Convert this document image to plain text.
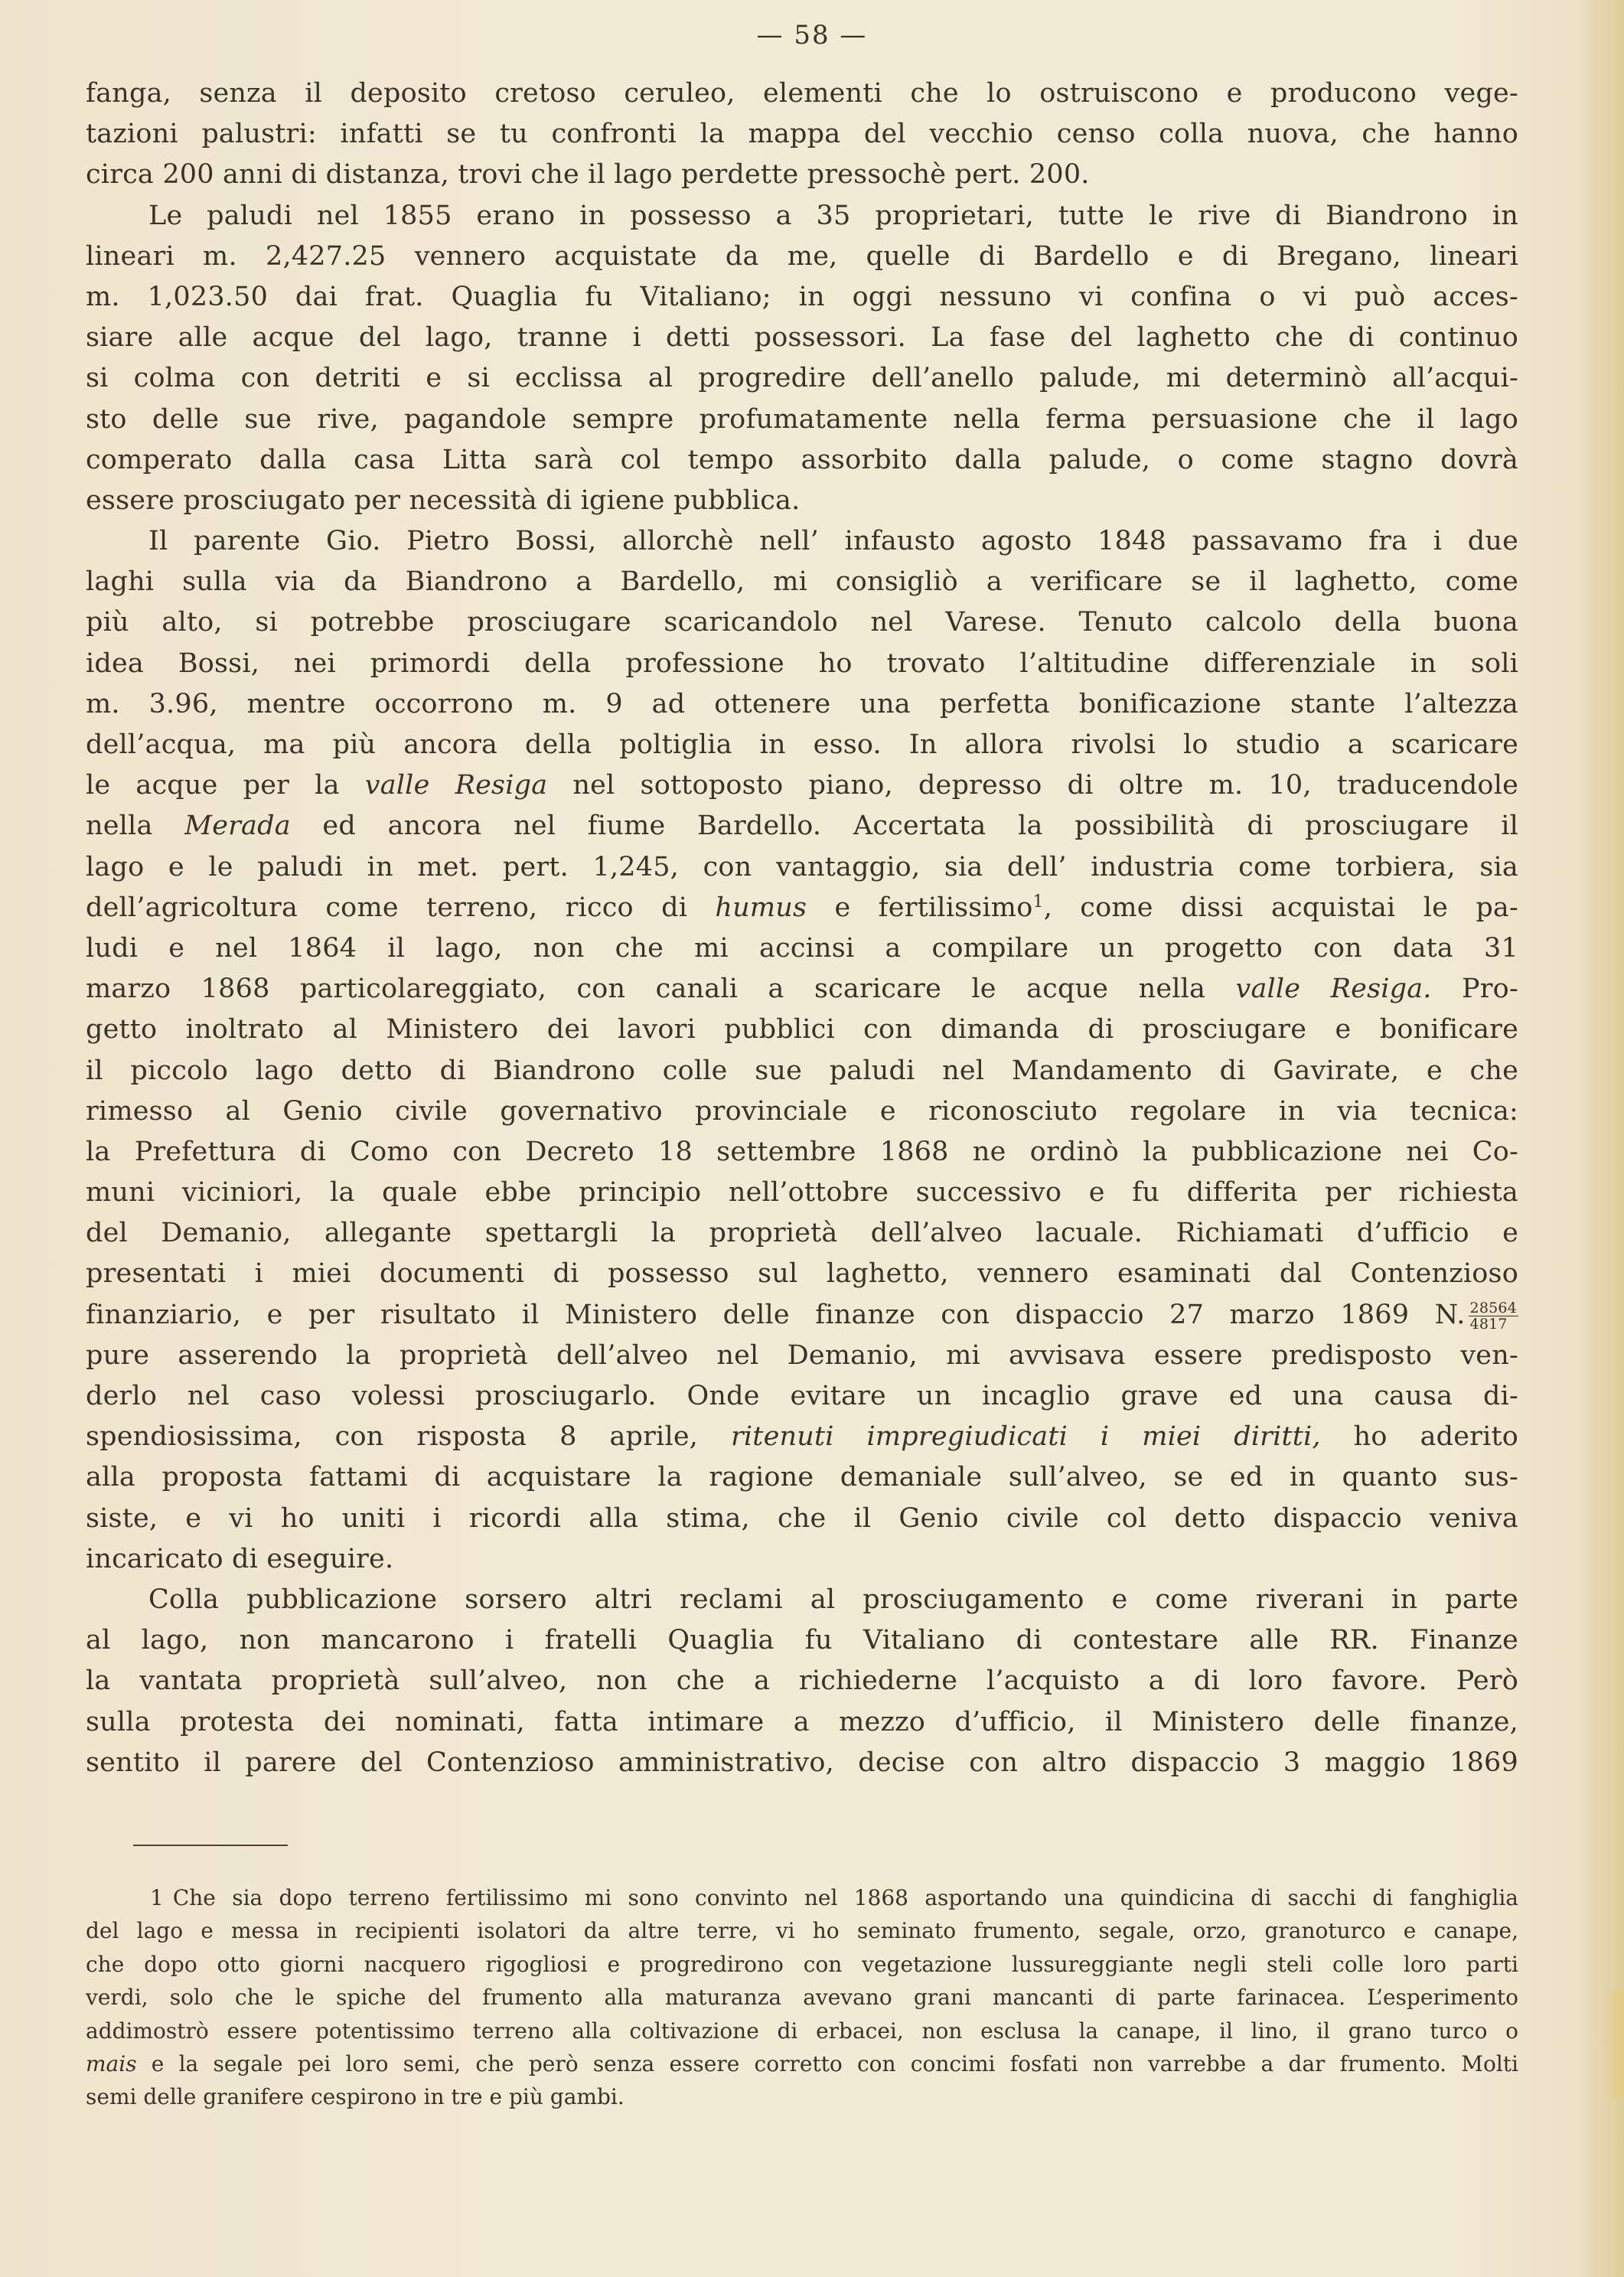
— 58 —
fanga, senza il deposito cretoso ceruleo, elementi che lo ostruiscono e producono vege-
tazioni palustri: infatti se tu confronti la mappa del vecchio censo colla nuova, che hanno
circa 200 anni di distanza, trovi che il lago perdette pressochè pert. 200.
Le paludi nel 1855 erano in possesso a 35 proprietari, tutte le rive di Biandrono in
lineari m. 2,427.25 vennero acquistate da me, quelle di Bardello e di Bregano, lineari
m. 1,023.50 dai frat. Quaglia fu Vitaliano; in oggi nessuno vi confina o vi può acces-
siare alle acque del lago, tranne i detti possessori. La fase del laghetto che di continuo
si colma con detriti e si ecclissa al progredire dell’anello palude, mi determinò all’acqui-
sto delle sue rive, pagandole sempre profumatamente nella ferma persuasione che il lago
comperato dalla casa Litta sarà col tempo assorbito dalla palude, o come stagno dovrà
essere prosciugato per necessità di igiene pubblica.
Il parente Gio. Pietro Bossi, allorchè nell’ infausto agosto 1848 passavamo fra i due
laghi sulla via da Biandrono a Bardello, mi consigliò a verificare se il laghetto, come
più alto, si potrebbe prosciugare scaricandolo nel Varese. Tenuto calcolo della buona
idea Bossi, nei primordi della professione ho trovato l’altitudine differenziale in soli
m. 3.96, mentre occorrono m. 9 ad ottenere una perfetta bonificazione stante l’altezza
dell’acqua, ma più ancora della poltiglia in esso. In allora rivolsi lo studio a scaricare
le acque per la valle Resiga nel sottoposto piano, depresso di oltre m. 10, traducendole
nella Merada ed ancora nel fiume Bardello. Accertata la possibilità di prosciugare il
lago e le paludi in met. pert. 1,245, con vantaggio, sia dell’ industria come torbiera, sia
dell’agricoltura come terreno, ricco di humus e fertilissimo$^1$, come dissi acquistai le pa-
ludi e nel 1864 il lago, non che mi accinsi a compilare un progetto con data 31
marzo 1868 particolareggiato, con canali a scaricare le acque nella valle Resiga. Pro-
getto inoltrato al Ministero dei lavori pubblici con dimanda di prosciugare e bonificare
il piccolo lago detto di Biandrono colle sue paludi nel Mandamento di Gavirate, e che
rimesso al Genio civile governativo provinciale e riconosciuto regolare in via tecnica:
la Prefettura di Como con Decreto 18 settembre 1868 ne ordinò la pubblicazione nei Co-
muni viciniori, la quale ebbe principio nell’ottobre successivo e fu differita per richiesta
del Demanio, allegante spettargli la proprietà dell’alveo lacuale. Richiamati d’ufficio e
presentati i miei documenti di possesso sul laghetto, vennero esaminati dal Contenzioso
finanziario, e per risultato il Ministero delle finanze con dispaccio 27 marzo 1869 N. $\frac{28564}{4817}$
pure asserendo la proprietà dell’alveo nel Demanio, mi avvisava essere predisposto ven-
derlo nel caso volessi prosciugarlo. Onde evitare un incaglio grave ed una causa di-
spendiosissima, con risposta 8 aprile, ritenuti impregiudicati i miei diritti, ho aderito
alla proposta fattami di acquistare la ragione demaniale sull’alveo, se ed in quanto sus-
siste, e vi ho uniti i ricordi alla stima, che il Genio civile col detto dispaccio veniva
incaricato di eseguire.
Colla pubblicazione sorsero altri reclami al prosciugamento e come riverani in parte
al lago, non mancarono i fratelli Quaglia fu Vitaliano di contestare alle RR. Finanze
la vantata proprietà sull’alveo, non che a richiederne l’acquisto a di loro favore. Però
sulla protesta dei nominati, fatta intimare a mezzo d’ufficio, il Ministero delle finanze,
sentito il parere del Contenzioso amministrativo, decise con altro dispaccio 3 maggio 1869
1 Che sia dopo terreno fertilissimo mi sono convinto nel 1868 asportando una quindicina di sacchi di fanghiglia
del lago e messa in recipienti isolatori da altre terre, vi ho seminato frumento, segale, orzo, granoturco e canape,
che dopo otto giorni nacquero rigogliosi e progredirono con vegetazione lussureggiante negli steli colle loro parti
verdi, solo che le spiche del frumento alla maturanza avevano grani mancanti di parte farinacea. L’esperimento
addimostrò essere potentissimo terreno alla coltivazione di erbacei, non esclusa la canape, il lino, il grano turco o
mais e la segale pei loro semi, che però senza essere corretto con concimi fosfati non varrebbe a dar frumento. Molti
semi delle granifere cespirono in tre e più gambi.
